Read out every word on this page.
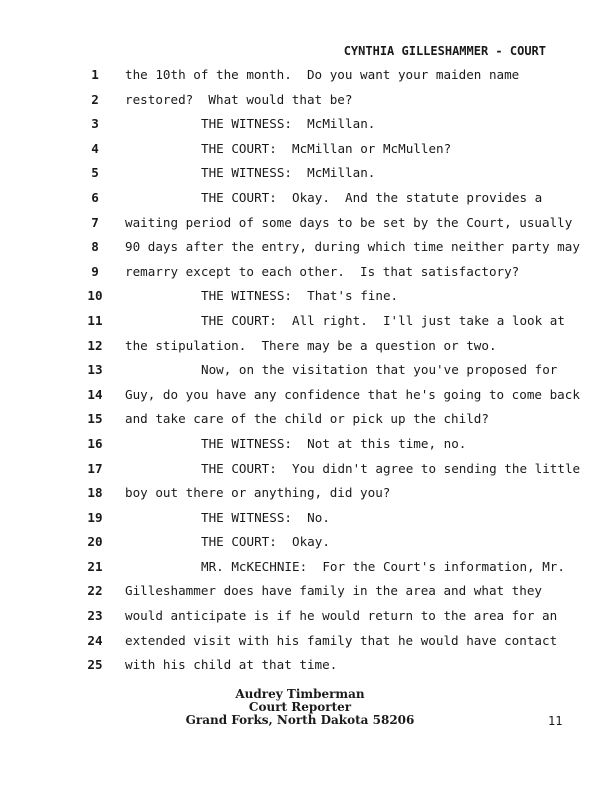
CYNTHIA GILLESHAMMER - COURT
1	the 10th of the month.  Do you want your maiden name
2	restored?  What would that be?
3	THE WITNESS:  McMillan.
4	THE COURT:  McMillan or McMullen?
5	THE WITNESS:  McMillan.
6	THE COURT:  Okay.  And the statute provides a
7	waiting period of some days to be set by the Court, usually
8	90 days after the entry, during which time neither party may
9	remarry except to each other.  Is that satisfactory?
10	THE WITNESS:  That's fine.
11	THE COURT:  All right.  I'll just take a look at
12	the stipulation.  There may be a question or two.
13	Now, on the visitation that you've proposed for
14	Guy, do you have any confidence that he's going to come back
15	and take care of the child or pick up the child?
16	THE WITNESS:  Not at this time, no.
17	THE COURT:  You didn't agree to sending the little
18	boy out there or anything, did you?
19	THE WITNESS:  No.
20	THE COURT:  Okay.
21	MR. McKECHNIE:  For the Court's information, Mr.
22	Gilleshammer does have family in the area and what they
23	would anticipate is if he would return to the area for an
24	extended visit with his family that he would have contact
25	with his child at that time.
Audrey Timberman
Court Reporter
Grand Forks, North Dakota 58206	11
